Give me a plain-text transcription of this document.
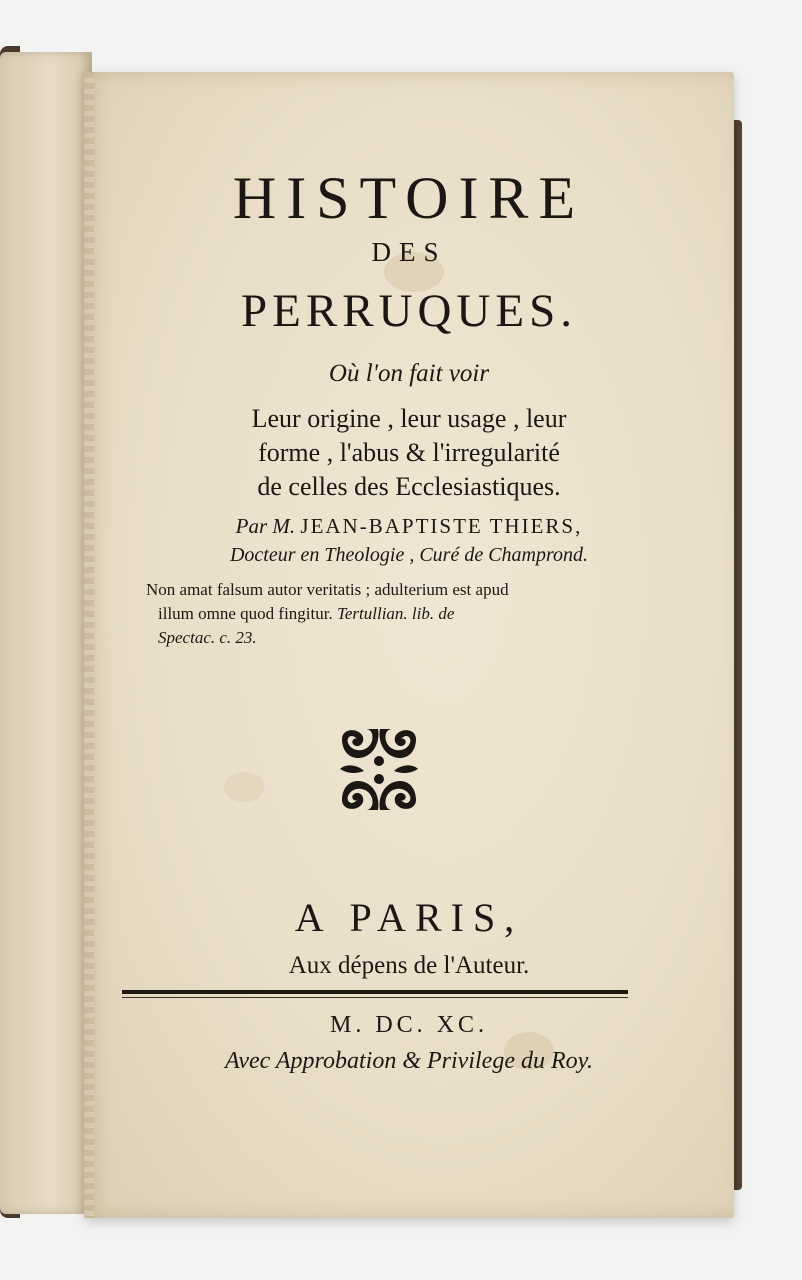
HISTOIRE
DES
PERRUQUES.
Où l'on fait voir
Leur origine , leur usage , leur
forme , l'abus & l'irregularité
de celles des Ecclesiastiques.
Par M. JEAN-BAPTISTE THIERS,
Docteur en Theologie , Curé de Champrond.
Non amat falsum autor veritatis ; adulterium est apud
illum omne quod fingitur. Tertullian. lib. de
Spectac. c. 23.
A PARIS,
Aux dépens de l'Auteur.
M. DC. XC.
Avec Approbation & Privilege du Roy.
